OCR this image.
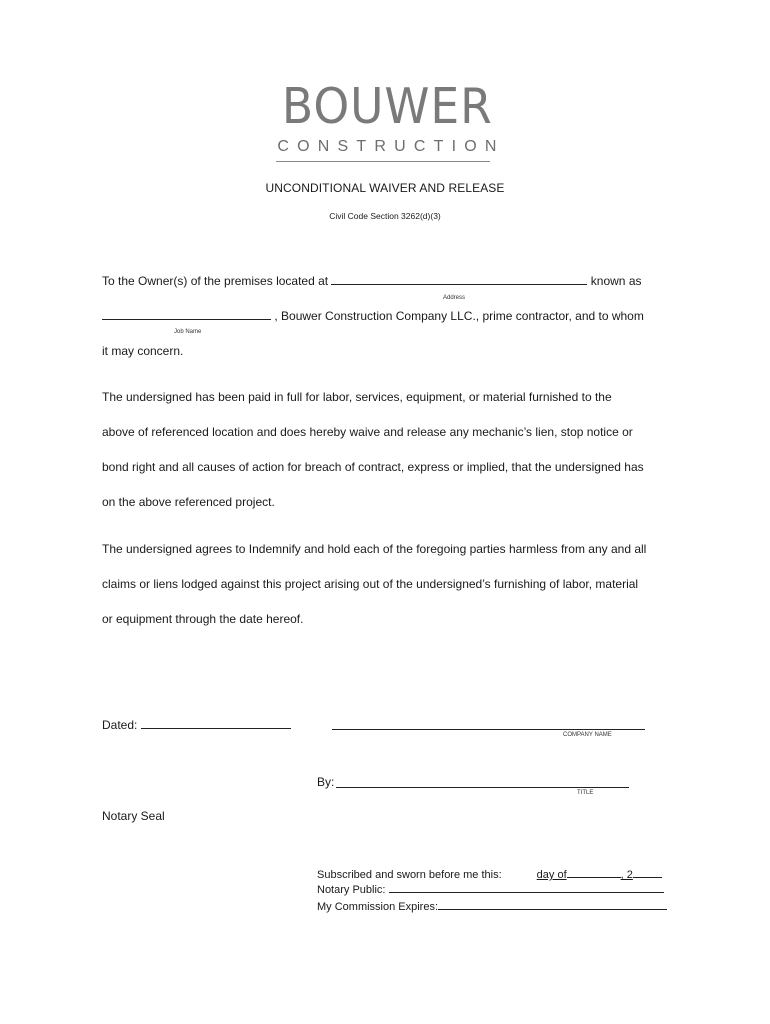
BOUWER
CONSTRUCTION
UNCONDITIONAL WAIVER AND RELEASE
Civil Code Section 3262(d)(3)
To the Owner(s) of the premises located at	known as
Address
, Bouwer Construction Company LLC., prime contractor, and to whom
Job Name
it may concern.
The undersigned has been paid in full for labor, services, equipment, or material furnished to the
above of referenced location and does hereby waive and release any mechanic’s lien, stop notice or
bond right and all causes of action for breach of contract, express or implied, that the undersigned has
on the above referenced project.
The undersigned agrees to Indemnify and hold each of the foregoing parties harmless from any and all
claims or liens lodged against this project arising out of the undersigned’s furnishing of labor, material
or equipment through the date hereof.
Dated:
COMPANY NAME
By:
TITLE
Notary Seal
Subscribed and sworn before me this:	day of	, 2
Notary Public:
My Commission Expires:
